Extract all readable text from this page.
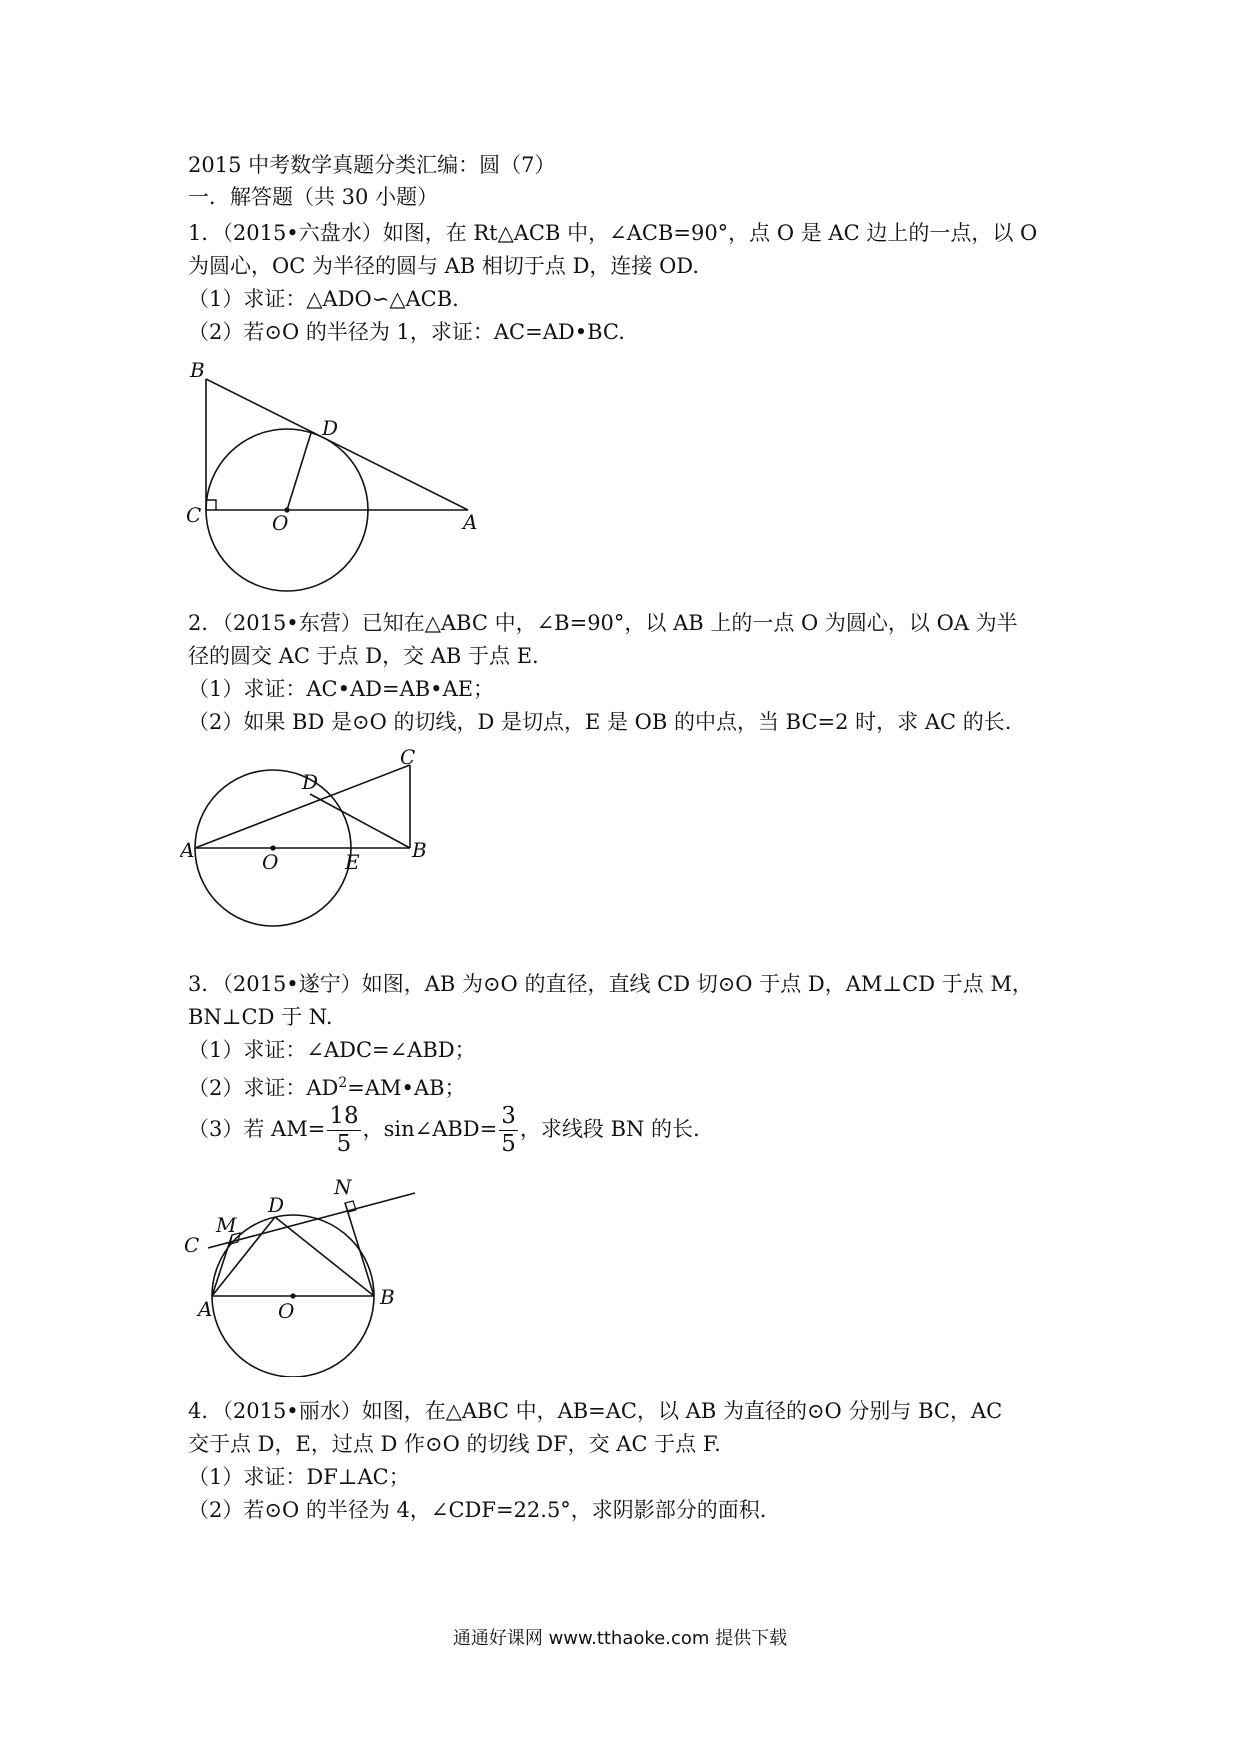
2015 中考数学真题分类汇编：圆（7）
一．解答题（共 30 小题）
1．（2015•六盘水）如图，在 Rt△ACB 中，∠ACB=90°，点 O 是 AC 边上的一点，以 O
为圆心，OC 为半径的圆与 AB 相切于点 D，连接 OD.
（1）求证：△ADO∽△ACB.
（2）若⊙O 的半径为 1，求证：AC=AD•BC.
B
D
C	O	A
2．（2015•东营）已知在△ABC 中，∠B=90°，以 AB 上的一点 O 为圆心，以 OA 为半
径的圆交 AC 于点 D，交 AB 于点 E.
（1）求证：AC•AD=AB•AE；
（2）如果 BD 是⊙O 的切线，D 是切点，E 是 OB 的中点，当 BC=2 时，求 AC 的长.
C
D
A	O	E	B
3．（2015•遂宁）如图，AB 为⊙O 的直径，直线 CD 切⊙O 于点 D，AM⊥CD 于点 M，
BN⊥CD 于 N.
（1）求证：∠ADC=∠ABD；
（2）求证：$AD^2=AM•AB$；
（3）若 $AM= \frac{18}{5}$ ，sin∠ABD= $\frac{3}{5}$ ，求线段 BN 的长.
N
D
M
C
A	O
B
4．（2015•丽水）如图，在△ABC 中，AB=AC，以 AB 为直径的⊙O 分别与 BC，AC
交于点 D，E，过点 D 作⊙O 的切线 DF，交 AC 于点 F.
（1）求证：DF⊥AC；
（2）若⊙O 的半径为 4，∠CDF=22.5°，求阴影部分的面积.
通通好课网 www.tthaoke.com 提供下载
